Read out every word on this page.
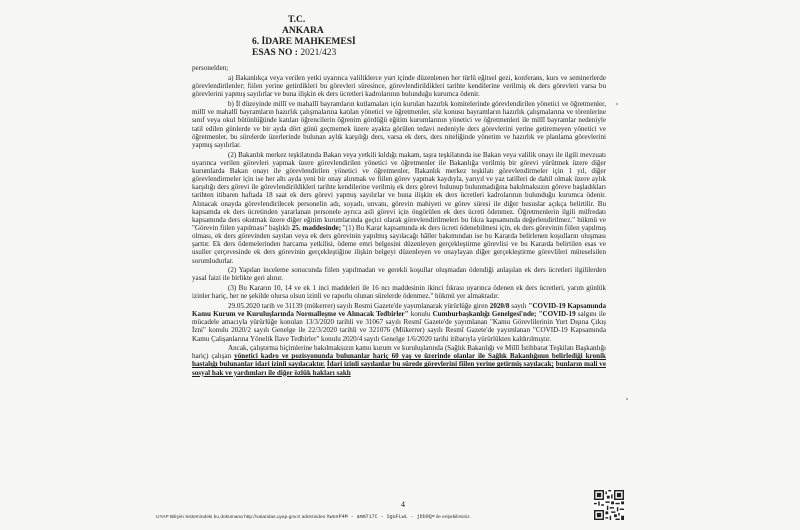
T.C.
ANKARA
6. İDARE MAHKEMESİ
ESAS NO : 2021/423

personelden;

a) Bakanlıkça veya verilen yetki uyarınca valiliklerce yurt içinde düzenlenen her türlü eğitsel gezi, konferans, kurs ve seminerlerde görevlendirilenler; fiilen yerine getirdikleri bu görevleri süresince, görevlendirildikleri tarihte kendilerine verilmiş ek ders görevleri varsa bu görevlerini yapmış sayılırlar ve buna ilişkin ek ders ücretleri kadrolarının bulunduğu kurumca ödenir.

b) İl düzeyinde millî ve mahallî bayramların kutlamaları için kurulan hazırlık komitelerinde görevlendirilen yönetici ve öğretmenler, millî ve mahallî bayramların hazırlık çalışmalarına katılan yönetici ve öğretmenler, söz konusu bayramların hazırlık çalışmalarına ve törenlerine sınıf veya okul bütünlüğünde katılan öğrencilerin öğrenim gördüğü eğitim kurumlarının yönetici ve öğretmenleri ile millî bayramlar nedeniyle tatil edilen günlerde ve bir ayda dört günü geçmemek üzere ayakta görülen tedavi nedeniyle ders görevlerini yerine getiremeyen yönetici ve öğretmenler, bu sürelerde üzerlerinde bulunan aylık karşılığı ders, varsa ek ders, ders niteliğinde yönetim ve hazırlık ve planlama görevlerini yapmış sayılırlar.

(2) Bakanlık merkez teşkilatında Bakan veya yetkili kıldığı makam, taşra teşkilatında ise Bakan veya valilik onayı ile ilgili mevzuatı uyarınca verilen görevleri yapmak üzere görevlendirilen yönetici ve öğretmenler ile Bakanlığa verilmiş bir görevi yürütmek üzere diğer kurumlarda Bakan onayı ile görevlendirilen yönetici ve öğretmenler, Bakanlık merkez teşkilatı görevlendirmeler için 1 yıl, diğer görevlendirmeler için ise her altı ayda yeni bir onay alınmak ve fiilen görev yapmak kaydıyla, yarıyıl ve yaz tatilleri de dahil olmak üzere aylık karşılığı ders görevi ile görevlendirildikleri tarihte kendilerine verilmiş ek ders görevi bulunup bulunmadığına bakılmaksızın göreve başladıkları tarihten itibaren haftada 18 saat ek ders görevi yapmış sayılırlar ve buna ilişkin ek ders ücretleri kadrolarının bulunduğu kurumca ödenir. Alınacak onayda görevlendirilecek personelin adı, soyadı, unvanı, görevin mahiyeti ve görev süresi ile diğer hususlar açıkça belirtilir. Bu kapsamda ek ders ücretinden yararlanan personele ayrıca asli görevi için öngörülen ek ders ücreti ödenmez. Öğretmenlerin ilgili müfredatı kapsamında ders okutmak üzere diğer eğitim kurumlarında geçici olarak görevlendirilmeleri bu fıkra kapsamında değerlendirilmez." hükmü ve "Görevin fiilen yapılması" başlıklı 25. maddesinde; "(1) Bu Karar kapsamında ek ders ücreti ödenebilmesi için, ek ders görevinin fiilen yapılmış olması, ek ders görevinden sayılan veya ek ders görevinin yapılmış sayılacağı hâller bakımından ise bu Kararda belirlenen koşulların oluşması şarttır. Ek ders ödemelerinden harcama yetkilisi, ödeme emri belgesini düzenleyen gerçekleştirme görevlisi ve bu Kararda belirtilen esas ve usuller çerçevesinde ek ders görevinin gerçekleştiğine ilişkin belgeyi düzenleyen ve onaylayan diğer gerçekleştirme görevlileri müteselsilen sorumludurlar.

(2) Yapılan inceleme sonucunda fiilen yapılmadan ve gerekli koşullar oluşmadan ödendiği anlaşılan ek ders ücretleri ilgililerden yasal faizi ile birlikte geri alınır.

(3) Bu Kararın 10, 14 ve ek 1 inci maddeleri ile 16 ncı maddesinin ikinci fıkrası uyarınca ödenen ek ders ücretleri, yarım günlük izinler hariç, her ne şekilde olursa olsun izinli ve raporlu olunan sürelerde ödenmez." hükmü yer almaktadır.

29.05.2020 tarih ve 31139 (mükerrer) sayılı Resmi Gazete'de yayımlanarak yürürlüğe giren 2020/8 sayılı "COVID-19 Kapsamında Kamu Kurum ve Kuruluşlarında Normalleşme ve Alınacak Tedbirler" konulu Cumhurbaşkanlığı Genelgesi'nde; "COVID-19 salgını ile mücadele amacıyla yürürlüğe konulan 13/3/2020 tarihli ve 31067 sayılı Resmî Gazete'de yayımlanan "Kamu Görevlilerinin Yurt Dışına Çıkış İzni" konulu 2020/2 sayılı Genelge ile 22/3/2020 tarihli ve 321076 (Mükerrer) sayılı Resmî Gazete'de yayımlanan "COVID-19 Kapsamında Kamu Çalışanlarına Yönelik İlave Tedbirler" konulu 2020/4 sayılı Genelge 1/6/2020 tarihi itibarıyla yürürlükten kaldırılmıştır.

Ancak, çalıştırma biçimlerine bakılmaksızın kamu kurum ve kuruluşlarında (Sağlık Bakanlığı ve Millî İstihbarat Teşkilatı Başkanlığı hariç) çalışan yönetici kadro ve pozisyonunda bulunanlar hariç 60 yaş ve üzerinde olanlar ile Sağlık Bakanlığının belirlediği kronik hastalığı bulunanlar idari izinli sayılacaktır. İdari izinli sayılanlar bu sürede görevlerini fiilen yerine getirmiş sayılacak; bunların mali ve sosyal hak ve yardımları ile diğer özlük hakları saklı

4
UYAP Bilişim Sistemindeki bu dokümana http://vatandas.uyap.gov.tr adresinden XwuxP4M - amm717C - SguFLwL - jbb9Q= ile erişebilirsiniz.
